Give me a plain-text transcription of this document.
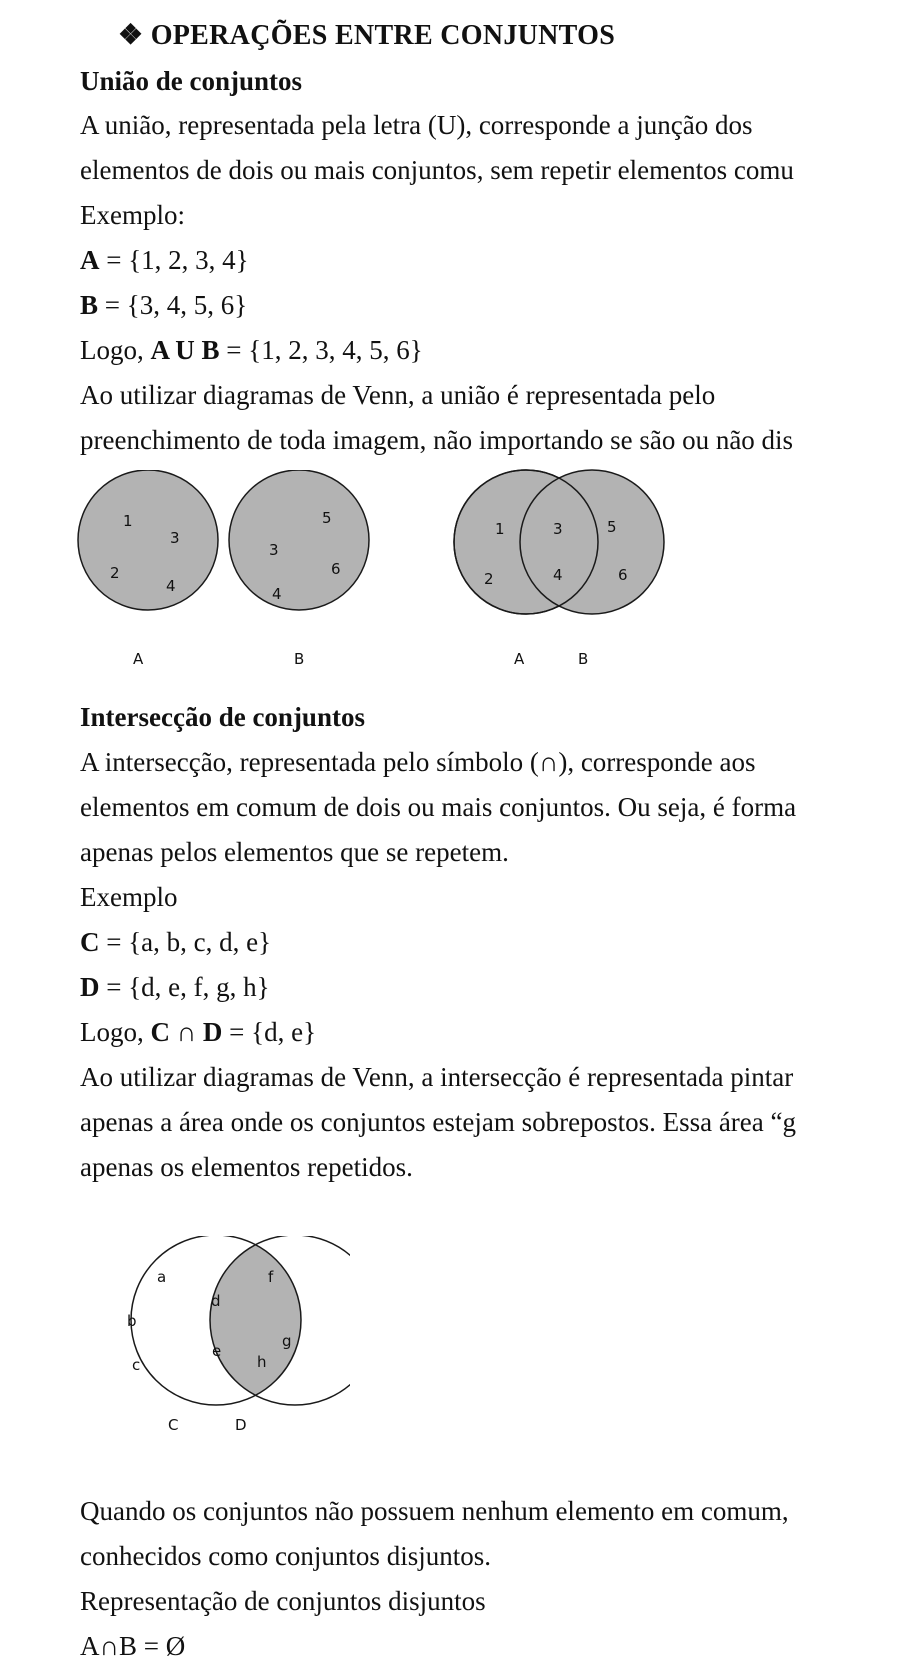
❖ OPERAÇÕES ENTRE CONJUNTOS
União de conjuntos
A união, representada pela letra (U), corresponde a junção dos
elementos de dois ou mais conjuntos, sem repetir elementos comu
Exemplo:
A = {1, 2, 3, 4}
B = {3, 4, 5, 6}
Logo, A U B = {1, 2, 3, 4, 5, 6}
Ao utilizar diagramas de Venn, a união é representada pelo
preenchimento de toda imagem, não importando se são ou não dis
1
3
2
4
5
3
6
4
A	B
1	3	5
2	4	6
A	B
Intersecção de conjuntos
A intersecção, representada pelo símbolo (∩), corresponde aos
elementos em comum de dois ou mais conjuntos. Ou seja, é forma
apenas pelos elementos que se repetem.
Exemplo
C = {a, b, c, d, e}
D = {d, e, f, g, h}
Logo, C ∩ D = {d, e}
Ao utilizar diagramas de Venn, a intersecção é representada pintar
apenas a área onde os conjuntos estejam sobrepostos. Essa área “g
apenas os elementos repetidos.
a
b
c
d
e
f
g
h
C	D
Quando os conjuntos não possuem nenhum elemento em comum,
conhecidos como conjuntos disjuntos.
Representação de conjuntos disjuntos
A∩B = Ø
